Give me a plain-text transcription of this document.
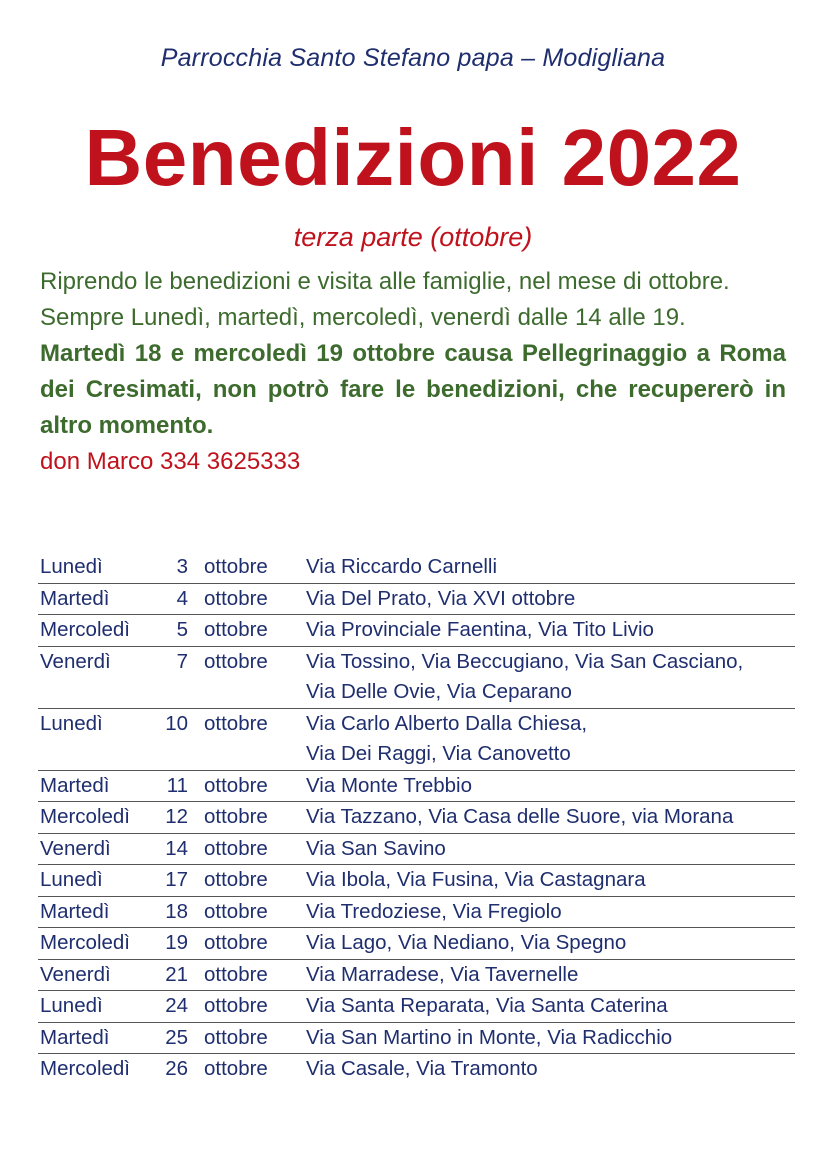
Parrocchia Santo Stefano papa – Modigliana
Benedizioni 2022
terza parte (ottobre)

Riprendo le benedizioni e visita alle famiglie, nel mese di ottobre.

Sempre Lunedì, martedì, mercoledì, venerdì dalle 14 alle 19.

Martedì 18 e mercoledì 19 ottobre causa Pellegrinaggio a Roma dei Cresimati, non potrò fare le benedizioni, che recupererò in altro momento.

don Marco 334 3625333

Lunedì	3 ottobre	Via Riccardo Carnelli
Martedì	4 ottobre	Via Del Prato, Via XVI ottobre
Mercoledì	5 ottobre	Via Provinciale Faentina, Via Tito Livio
Venerdì	7 ottobre	Via Tossino, Via Beccugiano, Via San Casciano,
Via Delle Ovie, Via Ceparano
Lunedì	10 ottobre	Via Carlo Alberto Dalla Chiesa,
Via Dei Raggi, Via Canovetto
Martedì	11 ottobre	Via Monte Trebbio
Mercoledì	12 ottobre	Via Tazzano, Via Casa delle Suore, via Morana
Venerdì	14 ottobre	Via San Savino
Lunedì	17 ottobre	Via Ibola, Via Fusina, Via Castagnara
Martedì	18 ottobre	Via Tredoziese, Via Fregiolo
Mercoledì	19 ottobre	Via Lago, Via Nediano, Via Spegno
Venerdì	21 ottobre	Via Marradese, Via Tavernelle
Lunedì	24 ottobre	Via Santa Reparata, Via Santa Caterina
Martedì	25 ottobre	Via San Martino in Monte, Via Radicchio
Mercoledì	26 ottobre	Via Casale, Via Tramonto
